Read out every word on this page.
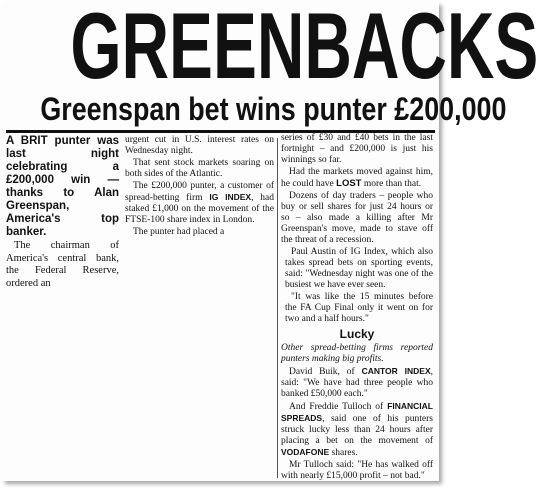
GREENBACKS
Greenspan bet wins punter £200,000

A BRIT punter was last night celebrating a £200,000 win — thanks to Alan Greenspan, America's top banker.

The chairman of America's central bank, the Federal Reserve, ordered an

urgent cut in U.S. interest rates on Wednesday night.

That sent stock markets soaring on both sides of the Atlantic.

The £200,000 punter, a customer of spread-betting firm IG INDEX, had staked £1,000 on the movement of the FTSE-100 share index in London.

The punter had placed a

series of £30 and £40 bets in the last fortnight – and £200,000 is just his winnings so far.

Had the markets moved against him, he could have LOST more than that.

Dozens of day traders – people who buy or sell shares for just 24 hours or so – also made a killing after Mr Greenspan's move, made to stave off the threat of a recession.

Paul Austin of IG Index, which also takes spread bets on sporting events, said: "Wednesday night was one of the busiest we have ever seen.

"It was like the 15 minutes before the FA Cup Final only it went on for two and a half hours."

Lucky

Other spread-betting firms reported punters making big profits.

David Buik, of CANTOR INDEX, said: "We have had three people who banked £50,000 each."

And Freddie Tulloch of FINANCIAL SPREADS, said one of his punters struck lucky less than 24 hours after placing a bet on the movement of VODAFONE shares.

Mr Tulloch said: "He has walked off with nearly £15,000 profit – not bad."
